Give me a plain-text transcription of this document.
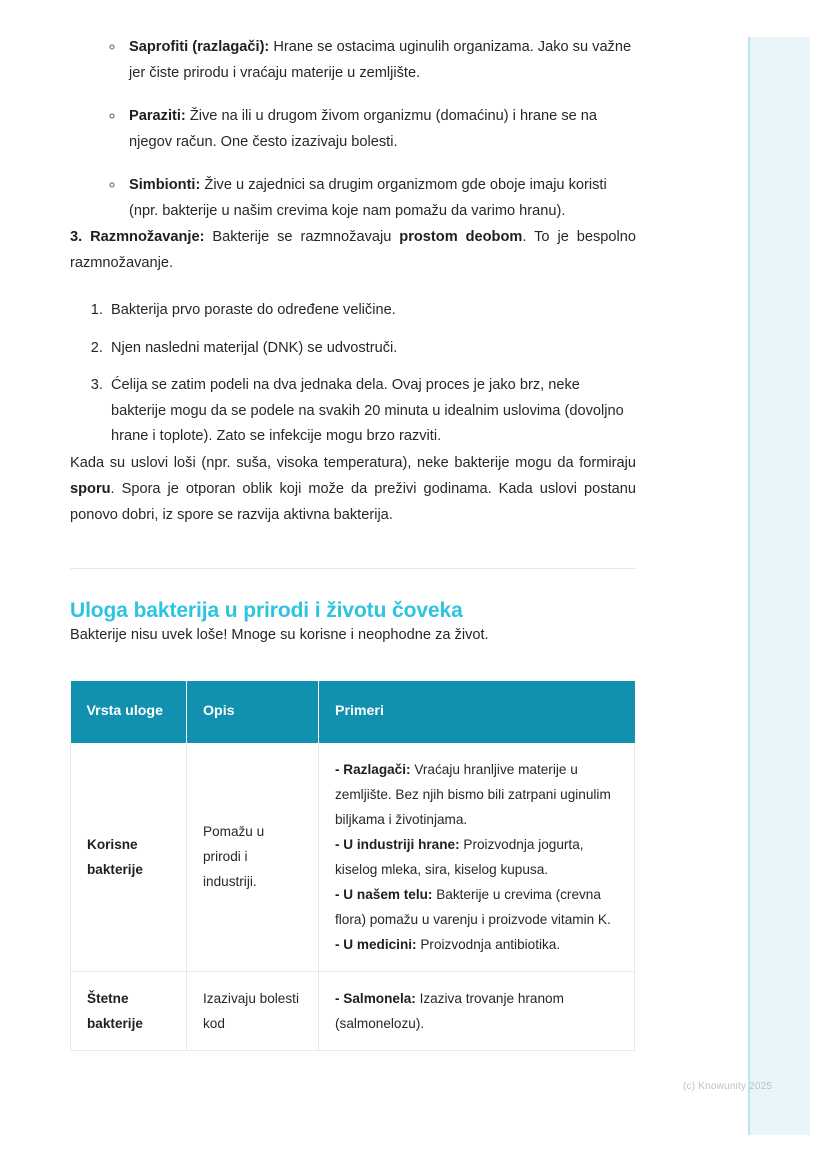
◦ Saprofiti (razlagači): Hrane se ostacima uginulih organizama. Jako su važne jer čiste prirodu i vraćaju materije u zemljište.
◦ Paraziti: Žive na ili u drugom živom organizmu (domaćinu) i hrane se na njegov račun. One često izazivaju bolesti.
◦ Simbionti: Žive u zajednici sa drugim organizmom gde oboje imaju koristi (npr. bakterije u našim crevima koje nam pomažu da varimo hranu).

3. Razmnožavanje: Bakterije se razmnožavaju prostom deobom. To je bespolno razmnožavanje.

1. Bakterija prvo poraste do određene veličine.
2. Njen nasledni materijal (DNK) se udvostruči.
3. Ćelija se zatim podeli na dva jednaka dela. Ovaj proces je jako brz, neke bakterije mogu da se podele na svakih 20 minuta u idealnim uslovima (dovoljno hrane i toplote). Zato se infekcije mogu brzo razviti.

Kada su uslovi loši (npr. suša, visoka temperatura), neke bakterije mogu da formiraju sporu. Spora je otporan oblik koji može da preživi godinama. Kada uslovi postanu ponovo dobri, iz spore se razvija aktivna bakterija.

Uloga bakterija u prirodi i životu čoveka

Bakterije nisu uvek loše! Mnoge su korisne i neophodne za život.

Vrsta uloge	Opis	Primeri
Korisne bakterije	Pomažu u prirodi i industriji.	- Razlagači: Vraćaju hranljive materije u zemljište. Bez njih bismo bili zatrpani uginulim biljkama i životinjama.
- U industriji hrane: Proizvodnja jogurta, kiselog mleka, sira, kiselog kupusa.
- U našem telu: Bakterije u crevima (crevna flora) pomažu u varenju i proizvode vitamin K.
- U medicini: Proizvodnja antibiotika.

Štetne bakterije	Izazivaju bolesti kod	- Salmonela: Izaziva trovanje hranom (salmonelozu).
(c) Knowunity 2025
